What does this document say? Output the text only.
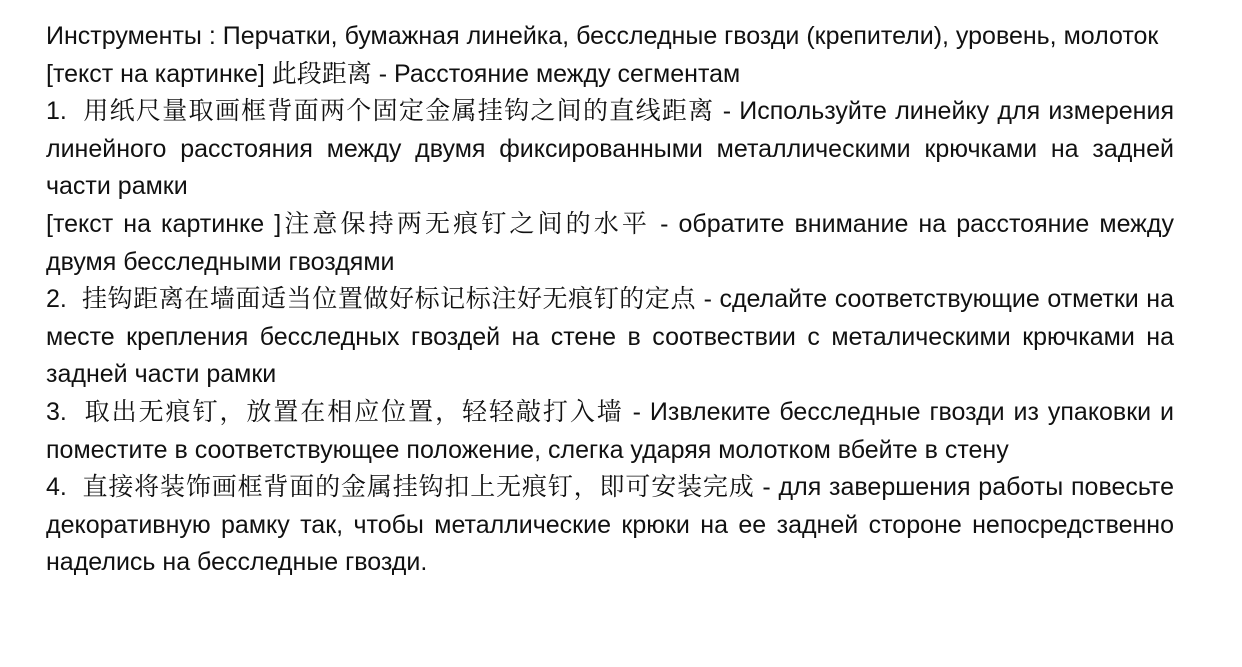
Инструменты : Перчатки, бумажная линейка, бесследные гвозди (крепители), уровень, молоток

[текст на картинке] 此段距离 - Расстояние между сегментам

1. 用纸尺量取画框背面两个固定金属挂钩之间的直线距离 - Используйте линейку для измерения линейного расстояния между двумя фиксированными металлическими крючками на задней части рамки

[текст на картинке ]注意保持两无痕钉之间的水平 - обратите внимание на расстояние между двумя бесследными гвоздями

2. 挂钩距离在墙面适当位置做好标记标注好无痕钉的定点 - сделайте соответствующие отметки на месте крепления бесследных гвоздей на стене в соотвествии с металическими крючками на задней части рамки

3. 取出无痕钉，放置在相应位置，轻轻敲打入墙 - Извлеките бесследные гвозди из упаковки и поместите в соответствующее положение, слегка ударяя молотком вбейте в стену

4. 直接将装饰画框背面的金属挂钩扣上无痕钉，即可安装完成 - для завершения работы повесьте декоративную рамку так, чтобы металлические крюки на ее задней стороне непосредственно наделись на бесследные гвозди.
